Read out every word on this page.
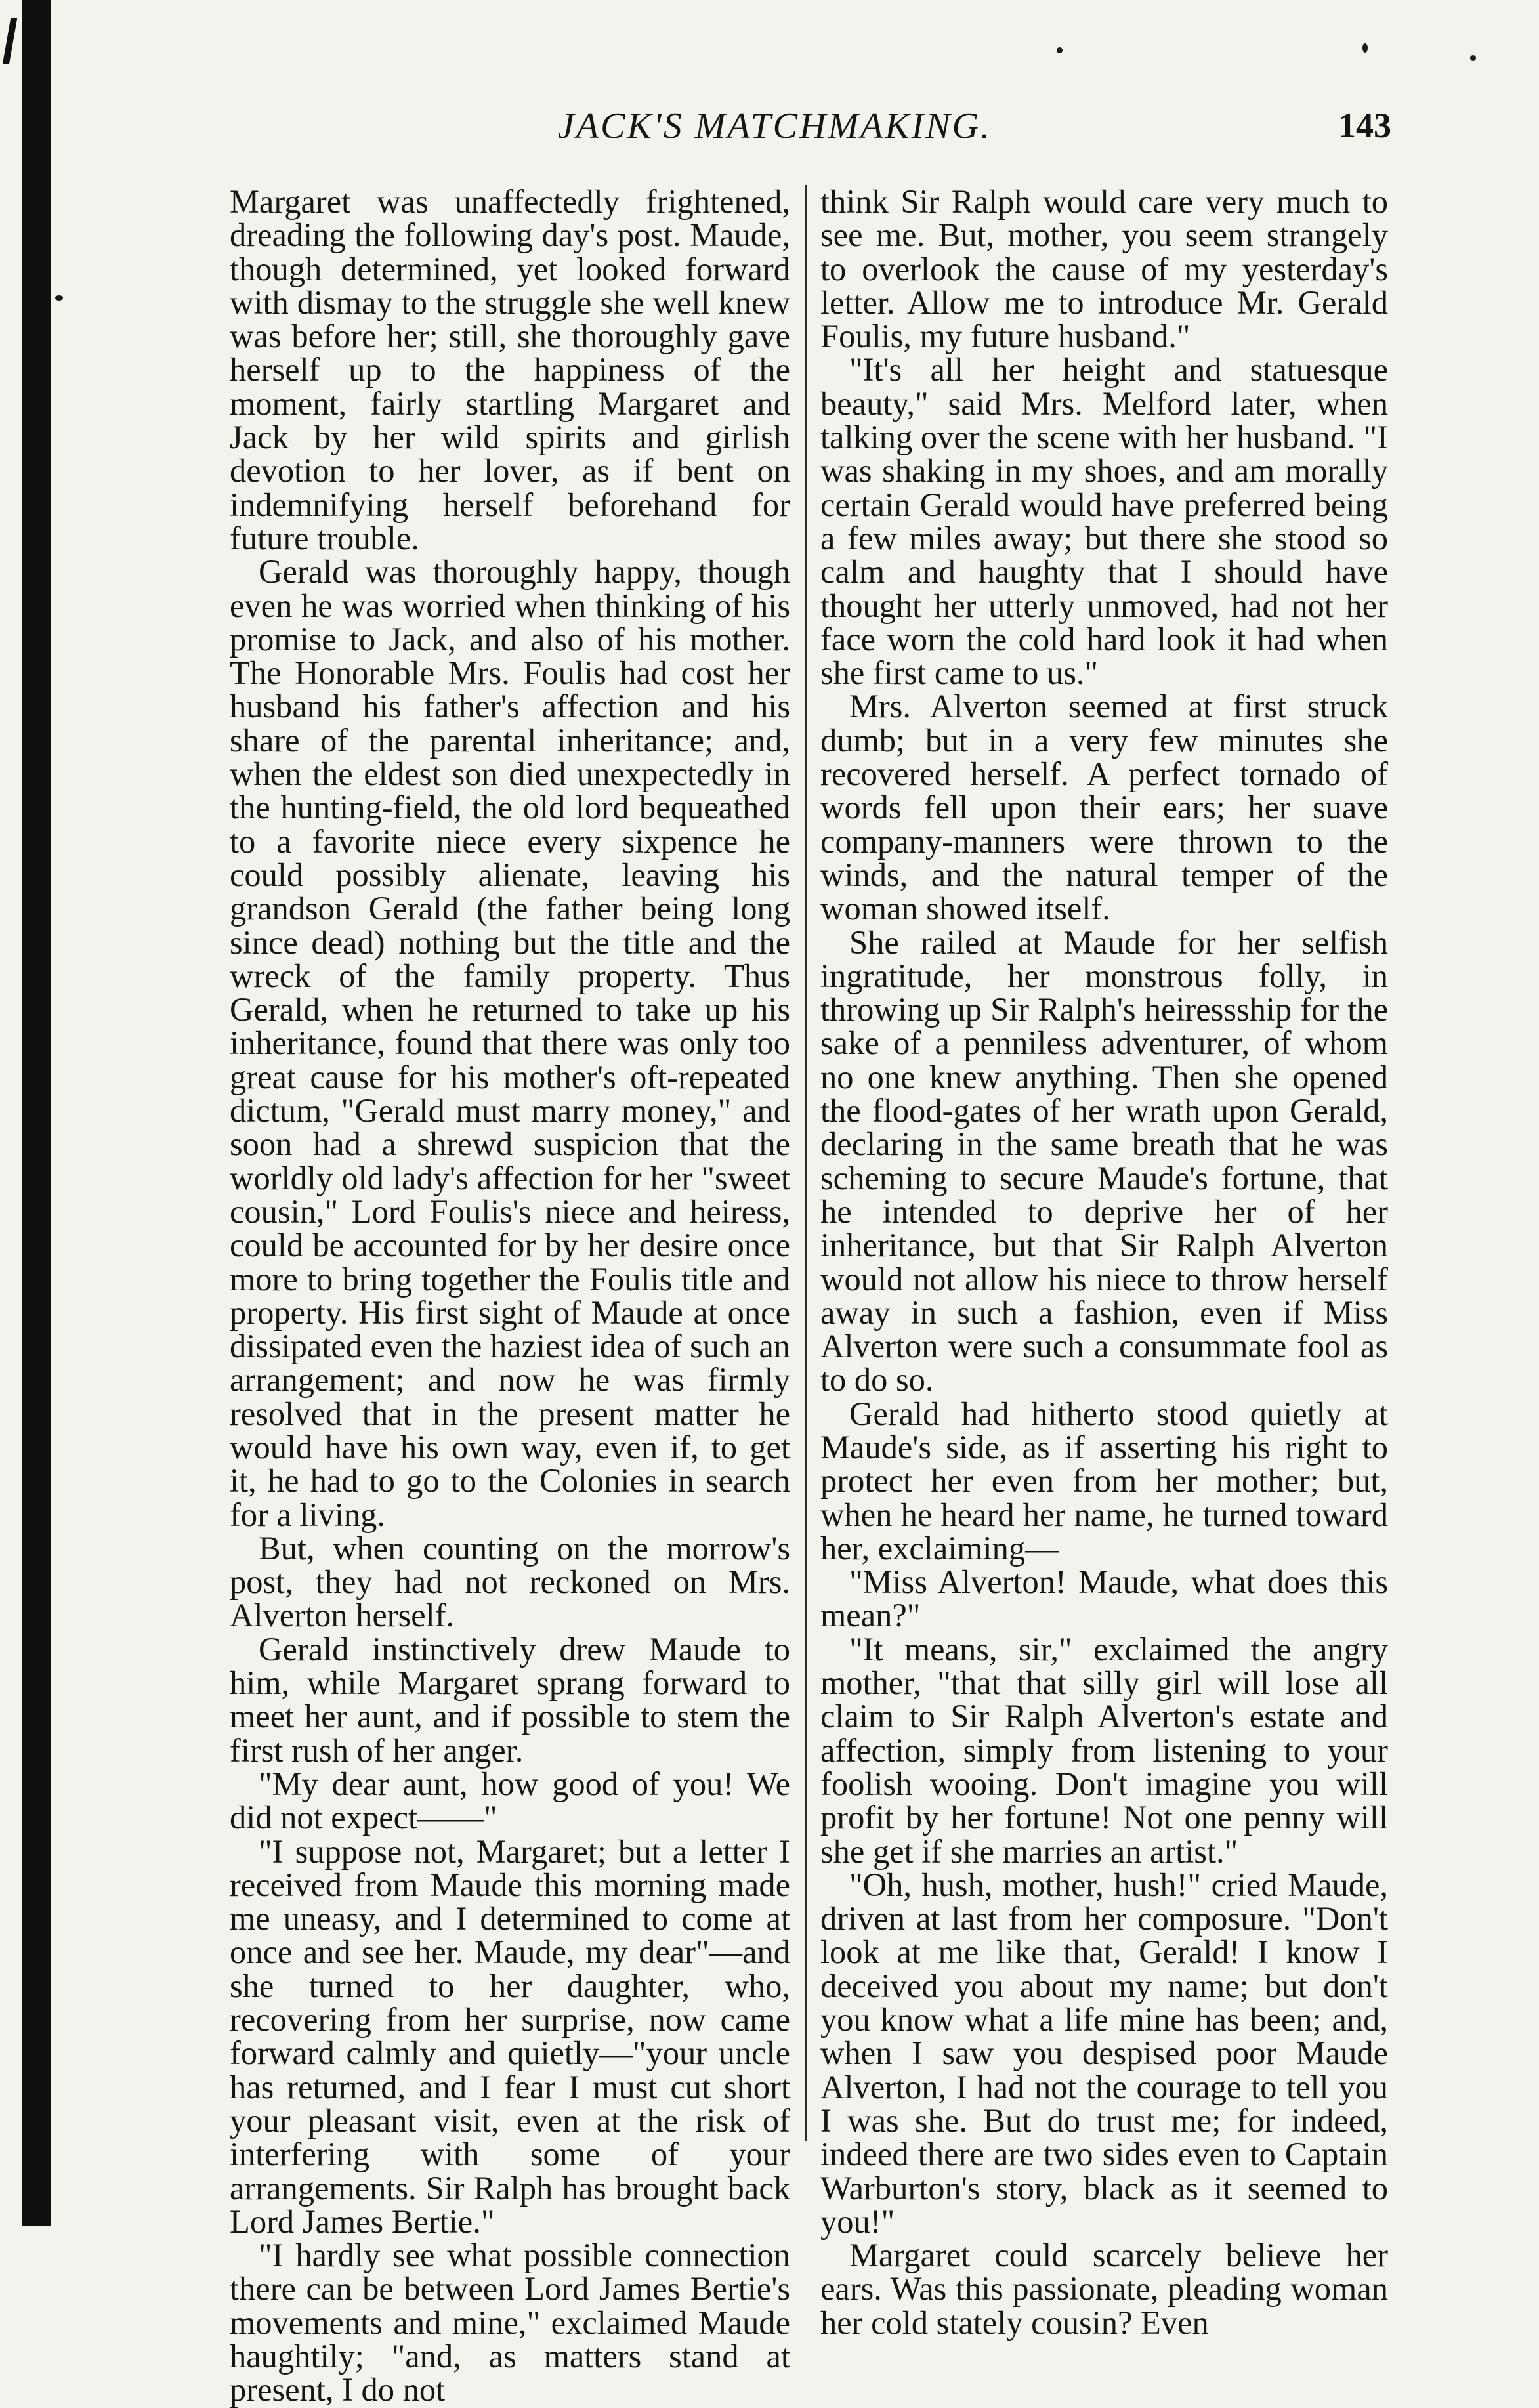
JACK'S MATCHMAKING.	143

Margaret was unaffectedly frightened, dreading the following day's post. Maude, though determined, yet looked forward with dismay to the struggle she well knew was before her; still, she thoroughly gave herself up to the happiness of the moment, fairly startling Margaret and Jack by her wild spirits and girlish devotion to her lover, as if bent on indemnifying herself beforehand for future trouble.

Gerald was thoroughly happy, though even he was worried when thinking of his promise to Jack, and also of his mother. The Honorable Mrs. Foulis had cost her husband his father's affection and his share of the parental inheritance; and, when the eldest son died unexpectedly in the hunting-field, the old lord bequeathed to a favorite niece every sixpence he could possibly alienate, leaving his grandson Gerald (the father being long since dead) nothing but the title and the wreck of the family property. Thus Gerald, when he returned to take up his inheritance, found that there was only too great cause for his mother's oft-repeated dictum, "Gerald must marry money," and soon had a shrewd suspicion that the worldly old lady's affection for her "sweet cousin," Lord Foulis's niece and heiress, could be accounted for by her desire once more to bring together the Foulis title and property. His first sight of Maude at once dissipated even the haziest idea of such an arrangement; and now he was firmly resolved that in the present matter he would have his own way, even if, to get it, he had to go to the Colonies in search for a living.

But, when counting on the morrow's post, they had not reckoned on Mrs. Alverton herself.

Gerald instinctively drew Maude to him, while Margaret sprang forward to meet her aunt, and if possible to stem the first rush of her anger.

"My dear aunt, how good of you! We did not expect——"

"I suppose not, Margaret; but a letter I received from Maude this morning made me uneasy, and I determined to come at once and see her. Maude, my dear"—and she turned to her daughter, who, recovering from her surprise, now came forward calmly and quietly—"your uncle has returned, and I fear I must cut short your pleasant visit, even at the risk of interfering with some of your arrangements. Sir Ralph has brought back Lord James Bertie."

"I hardly see what possible connection there can be between Lord James Bertie's movements and mine," exclaimed Maude haughtily; "and, as matters stand at present, I do not

think Sir Ralph would care very much to see me. But, mother, you seem strangely to overlook the cause of my yesterday's letter. Allow me to introduce Mr. Gerald Foulis, my future husband."

"It's all her height and statuesque beauty," said Mrs. Melford later, when talking over the scene with her husband. "I was shaking in my shoes, and am morally certain Gerald would have preferred being a few miles away; but there she stood so calm and haughty that I should have thought her utterly unmoved, had not her face worn the cold hard look it had when she first came to us."

Mrs. Alverton seemed at first struck dumb; but in a very few minutes she recovered herself. A perfect tornado of words fell upon their ears; her suave company-manners were thrown to the winds, and the natural temper of the woman showed itself.

She railed at Maude for her selfish ingratitude, her monstrous folly, in throwing up Sir Ralph's heiressship for the sake of a penniless adventurer, of whom no one knew anything. Then she opened the flood-gates of her wrath upon Gerald, declaring in the same breath that he was scheming to secure Maude's fortune, that he intended to deprive her of her inheritance, but that Sir Ralph Alverton would not allow his niece to throw herself away in such a fashion, even if Miss Alverton were such a consummate fool as to do so.

Gerald had hitherto stood quietly at Maude's side, as if asserting his right to protect her even from her mother; but, when he heard her name, he turned toward her, exclaiming—

"Miss Alverton! Maude, what does this mean?"

"It means, sir," exclaimed the angry mother, "that that silly girl will lose all claim to Sir Ralph Alverton's estate and affection, simply from listening to your foolish wooing. Don't imagine you will profit by her fortune! Not one penny will she get if she marries an artist."

"Oh, hush, mother, hush!" cried Maude, driven at last from her composure. "Don't look at me like that, Gerald! I know I deceived you about my name; but don't you know what a life mine has been; and, when I saw you despised poor Maude Alverton, I had not the courage to tell you I was she. But do trust me; for indeed, indeed there are two sides even to Captain Warburton's story, black as it seemed to you!"

Margaret could scarcely believe her ears. Was this passionate, pleading woman her cold stately cousin? Even
